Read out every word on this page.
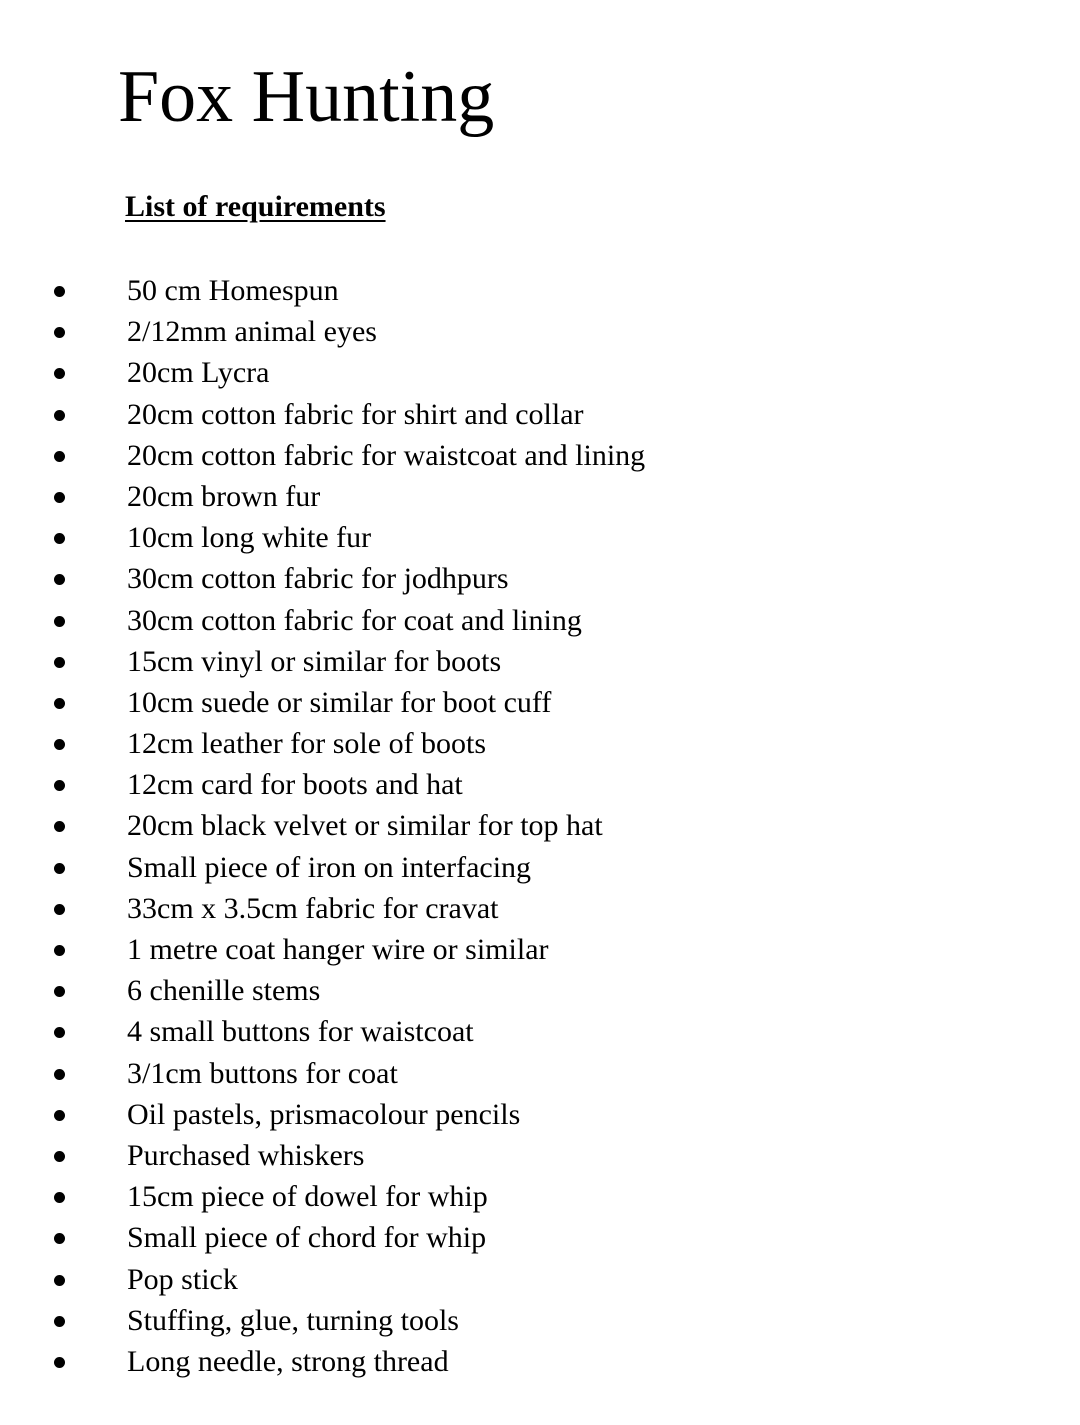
Fox Hunting
List of requirements
50 cm Homespun
2/12mm animal eyes
20cm Lycra
20cm cotton fabric for shirt and collar
20cm cotton fabric for waistcoat and lining
20cm brown fur
10cm long white fur
30cm cotton fabric for jodhpurs
30cm cotton fabric for coat and lining
15cm vinyl or similar for boots
10cm suede or similar for boot cuff
12cm leather for sole of boots
12cm card for boots and hat
20cm black velvet or similar for top hat
Small piece of iron on interfacing
33cm x 3.5cm fabric for cravat
1 metre coat hanger wire or similar
6 chenille stems
4 small buttons for waistcoat
3/1cm buttons for coat
Oil pastels, prismacolour pencils
Purchased whiskers
15cm piece of dowel for whip
Small piece of chord for whip
Pop stick
Stuffing, glue, turning tools
Long needle, strong thread
